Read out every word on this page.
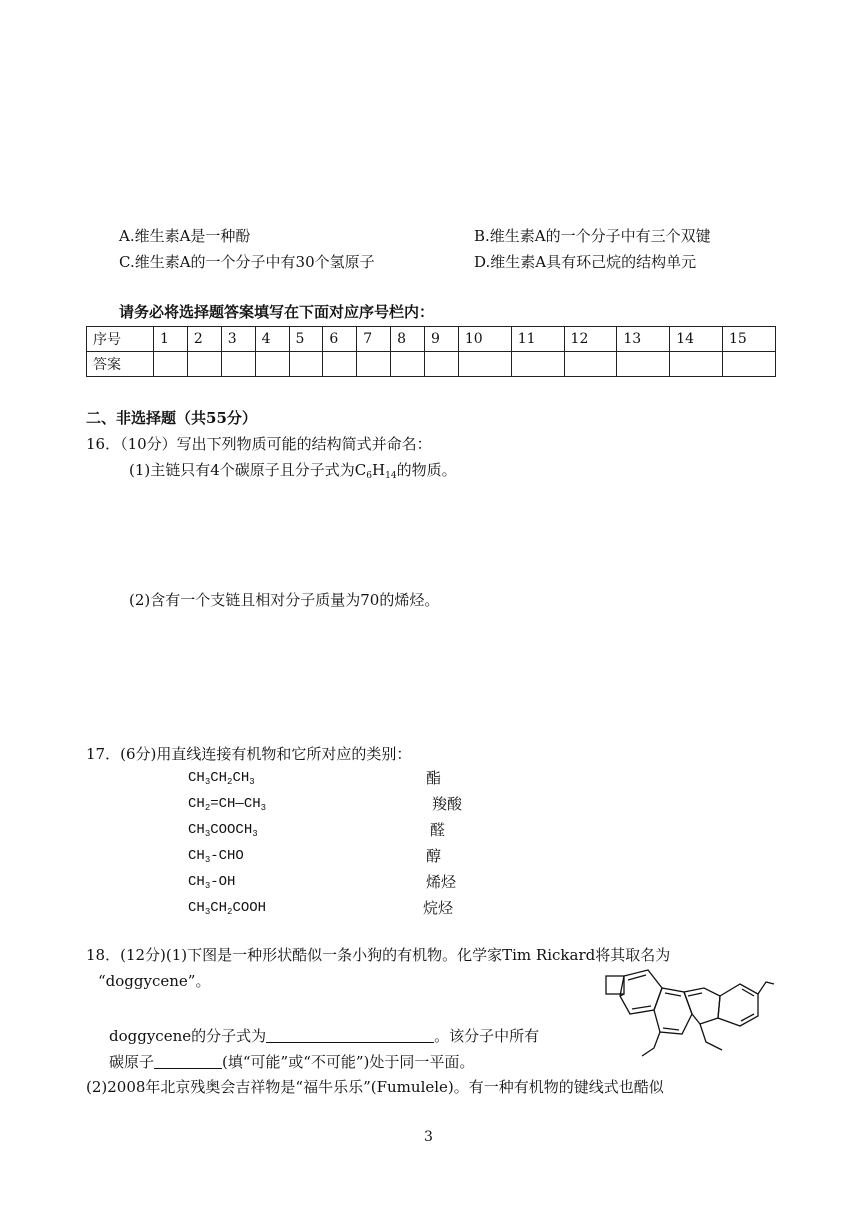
A.维生素A是一种酚	B.维生素A的一个分子中有三个双键
C.维生素A的一个分子中有30个氢原子	D.维生素A具有环己烷的结构单元
请务必将选择题答案填写在下面对应序号栏内：
序号	1	2	3	4	5	6	7	8	9	10	11	12	13	14	15
答案															
二、非选择题（共55分）
16．（10分）写出下列物质可能的结构简式并命名：
(1)主链只有4个碳原子且分子式为$C_6H_{14}$的物质。
(2)含有一个支链且相对分子质量为70的烯烃。
17．(6分)用直线连接有机物和它所对应的类别：
$CH_3CH_2CH_3$
$CH_2=CH—CH_3$
$CH_3COOCH_3$
$CH_3$-CHO
$CH_3-OH$
$CH_3CH_2COOH$
酯
羧酸
醛
醇
烯烃
烷烃
18．(12分)(1)下图是一种形状酷似一条小狗的有机物。化学家Tim Rickard将其取名为
“doggycene”。
doggycene的分子式为	。该分子中所有
碳原子	(填“可能”或“不可能”)处于同一平面。
(2)2008年北京残奥会吉祥物是“福牛乐乐”(Fumulele)。有一种有机物的键线式也酷似
3
